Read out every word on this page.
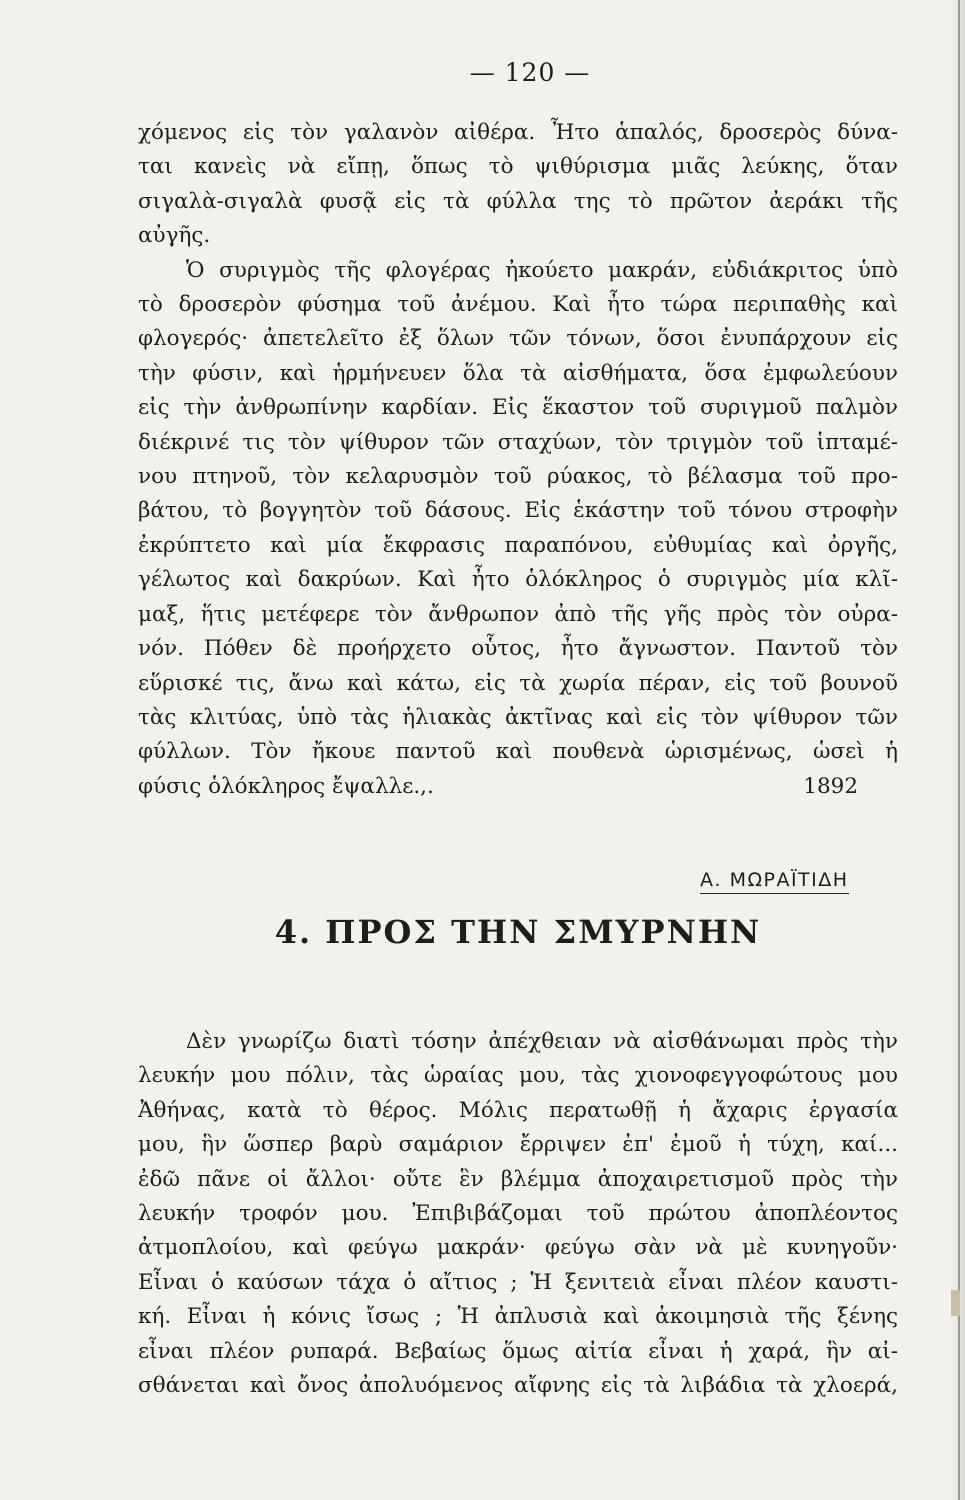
— 120 —
χόμενος εἰς τὸν γαλανὸν αἰθέρα. Ἦτο ἁπαλός, δροσερὸς δύνα-
ται κανεὶς νὰ εἴπῃ, ὅπως τὸ ψιθύρισμα μιᾶς λεύκης, ὅταν
σιγαλὰ-σιγαλὰ φυσᾷ εἰς τὰ φύλλα της τὸ πρῶτον ἀεράκι τῆς
αὐγῆς.
Ὁ συριγμὸς τῆς φλογέρας ἠκούετο μακράν, εὐδιάκριτος ὑπὸ
τὸ δροσερὸν φύσημα τοῦ ἀνέμου. Καὶ ἦτο τώρα περιπαθὴς καὶ
φλογερός· ἀπετελεῖτο ἐξ ὅλων τῶν τόνων, ὅσοι ἐνυπάρχουν εἰς
τὴν φύσιν, καὶ ἡρμήνευεν ὅλα τὰ αἰσθήματα, ὅσα ἐμφωλεύουν
εἰς τὴν ἀνθρωπίνην καρδίαν. Εἰς ἕκαστον τοῦ συριγμοῦ παλμὸν
διέκρινέ τις τὸν ψίθυρον τῶν σταχύων, τὸν τριγμὸν τοῦ ἱπταμέ-
νου πτηνοῦ, τὸν κελαρυσμὸν τοῦ ρύακος, τὸ βέλασμα τοῦ προ-
βάτου, τὸ βογγητὸν τοῦ δάσους. Εἰς ἑκάστην τοῦ τόνου στροφὴν
ἐκρύπτετο καὶ μία ἔκφρασις παραπόνου, εὐθυμίας καὶ ὀργῆς,
γέλωτος καὶ δακρύων. Καὶ ἦτο ὁλόκληρος ὁ συριγμὸς μία κλῖ-
μαξ, ἥτις μετέφερε τὸν ἄνθρωπον ἀπὸ τῆς γῆς πρὸς τὸν οὐρα-
νόν. Πόθεν δὲ προήρχετο οὗτος, ἦτο ἄγνωστον. Παντοῦ τὸν
εὕρισκέ τις, ἄνω καὶ κάτω, εἰς τὰ χωρία πέραν, εἰς τοῦ βουνοῦ
τὰς κλιτύας, ὑπὸ τὰς ἡλιακὰς ἀκτῖνας καὶ εἰς τὸν ψίθυρον τῶν
φύλλων. Τὸν ἤκουε παντοῦ καὶ πουθενὰ ὡρισμένως, ὡσεὶ ἡ
φύσις ὁλόκληρος ἔψαλλε.,.	1892
Α. ΜΩΡΑΪΤΙΔΗ
4. ΠΡΟΣ ΤΗΝ ΣΜΥΡΝΗΝ
Δὲν γνωρίζω διατὶ τόσην ἀπέχθειαν νὰ αἰσθάνωμαι πρὸς τὴν
λευκήν μου πόλιν, τὰς ὡραίας μου, τὰς χιονοφεγγοφώτους μου
Ἀθήνας, κατὰ τὸ θέρος. Μόλις περατωθῇ ἡ ἄχαρις ἐργασία
μου, ἣν ὥσπερ βαρὺ σαμάριον ἔρριψεν ἐπ' ἐμοῦ ἡ τύχη, καί...
ἐδῶ πᾶνε οἱ ἄλλοι· οὔτε ἓν βλέμμα ἀποχαιρετισμοῦ πρὸς τὴν
λευκήν τροφόν μου. Ἐπιβιβάζομαι τοῦ πρώτου ἀποπλέοντος
ἀτμοπλοίου, καὶ φεύγω μακράν· φεύγω σὰν νὰ μὲ κυνηγοῦν·
Εἶναι ὁ καύσων τάχα ὁ αἴτιος ; Ἡ ξενιτειὰ εἶναι πλέον καυστι-
κή. Εἶναι ἡ κόνις ἴσως ; Ἡ ἀπλυσιὰ καὶ ἀκοιμησιὰ τῆς ξένης
εἶναι πλέον ρυπαρά. Βεβαίως ὅμως αἰτία εἶναι ἡ χαρά, ἣν αἰ-
σθάνεται καὶ ὄνος ἀπολυόμενος αἴφνης εἰς τὰ λιβάδια τὰ χλοερά,
